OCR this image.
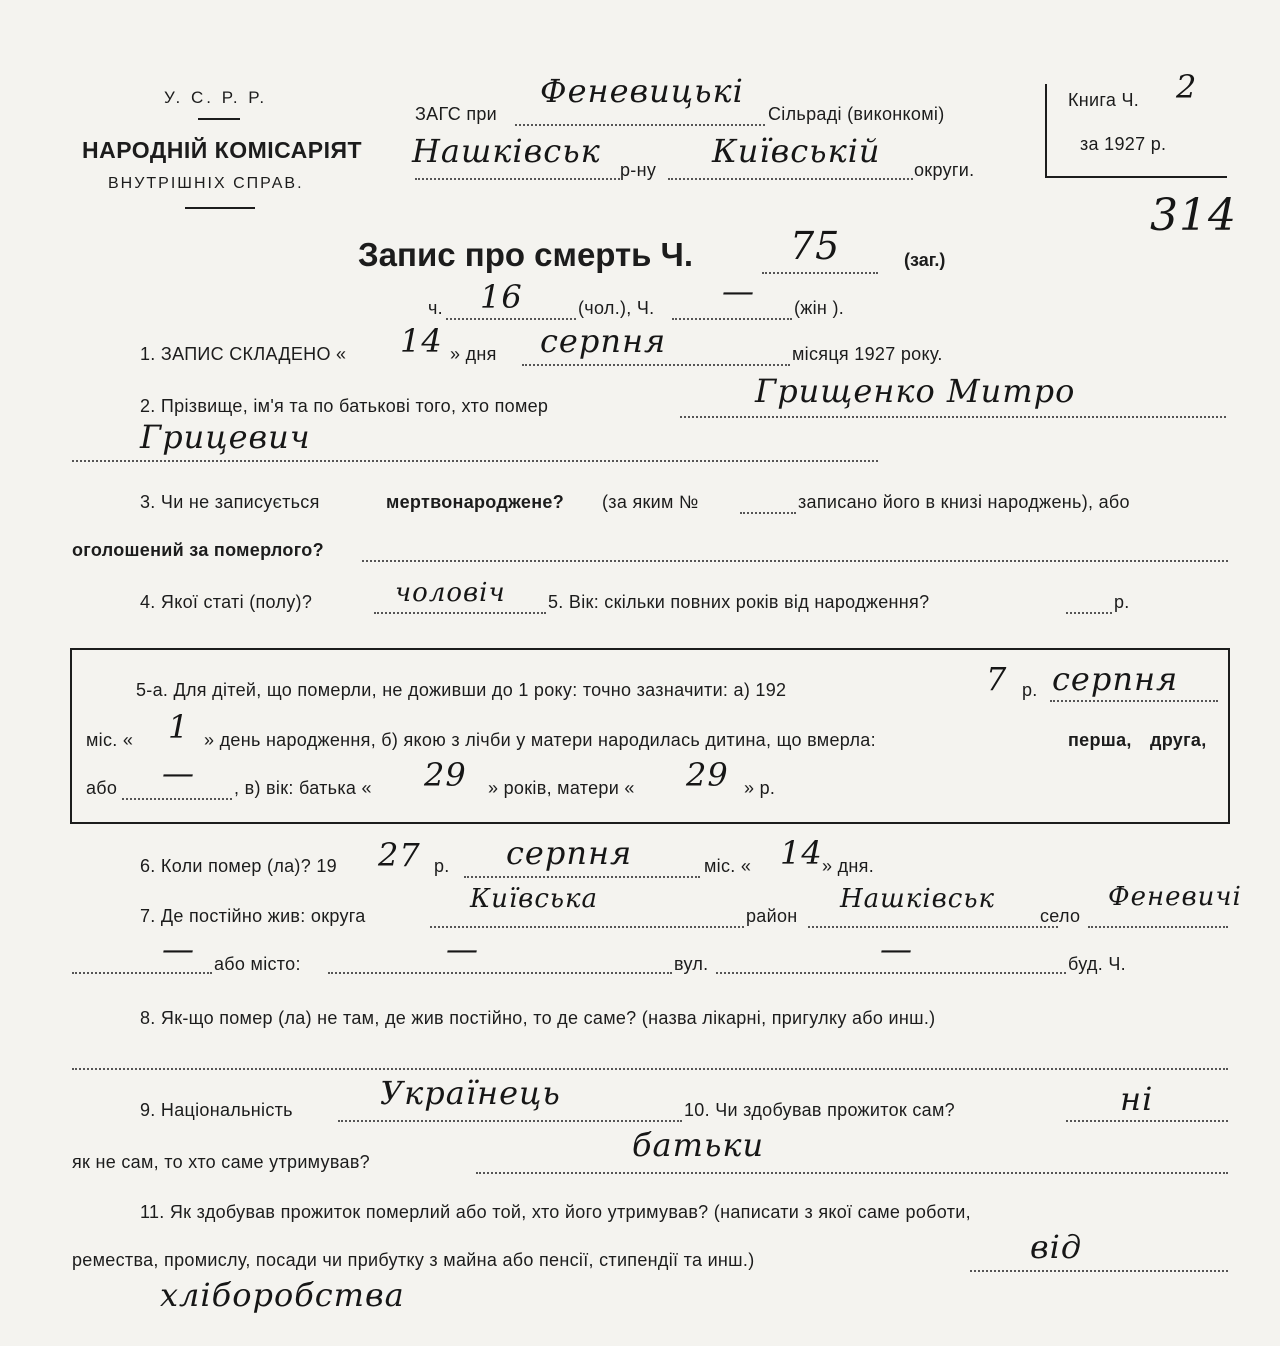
У. С. Р. Р.
НАРОДНІЙ КОМІСАРІЯТ
ВНУТРІШНІХ СПРАВ.
ЗАГС при
Феневицькі
Сільраді (виконкомі)
Нашківськ р-ну Київській округи.
Книга Ч. 2
за 1927 р.
314
Запис про смерть Ч.	75	(заг.)
ч. 16	(чол.), Ч. — (жін ).
1. ЗАПИС СКЛАДЕНО « 14 » дня серпня	місяця 1927 року.
2. Прізвище, ім'я та по батькові того, хто помер	Грищенко Митро
Грицевич
3. Чи не записується	мертвонароджене? (за яким №	записано його в книзі народжень), або
оголошений за померлого?
4. Якої статі (полу)?	чоловіч 5. Вік: скільки повних років від народження?	р.
5-а. Для дітей, що померли, не доживши до 1 року: точно зазначити: а) 192	7 р. серпня
міс. « 1 » день народження, б) якою з лічби у матери народилась дитина, що вмерла:	перша, друга,
або — , в) вік: батька « 29 » років, матери « 29 » р.
6. Коли помер (ла)? 19 27 р. серпня	міс. « 14 » дня.
7. Де постійно жив: округа
Київська
район
Нашківськ
село
Феневичі
— або місто:	—	вул.	—	буд. Ч.
8. Як-що помер (ла) не там, де жив постійно, то де саме? (назва лікарні, пригулку або инш.)
9. Національність	Українець	10. Чи здобував прожиток сам?	ні
як не сам, то хто саме утримував?	батьки
11. Як здобував прожиток померлий або той, хто його утримував? (написати з якої саме роботи,
ремества, промислу, посади чи прибутку з майна або пенсії, стипендії та инш.)	від
хліборобства
